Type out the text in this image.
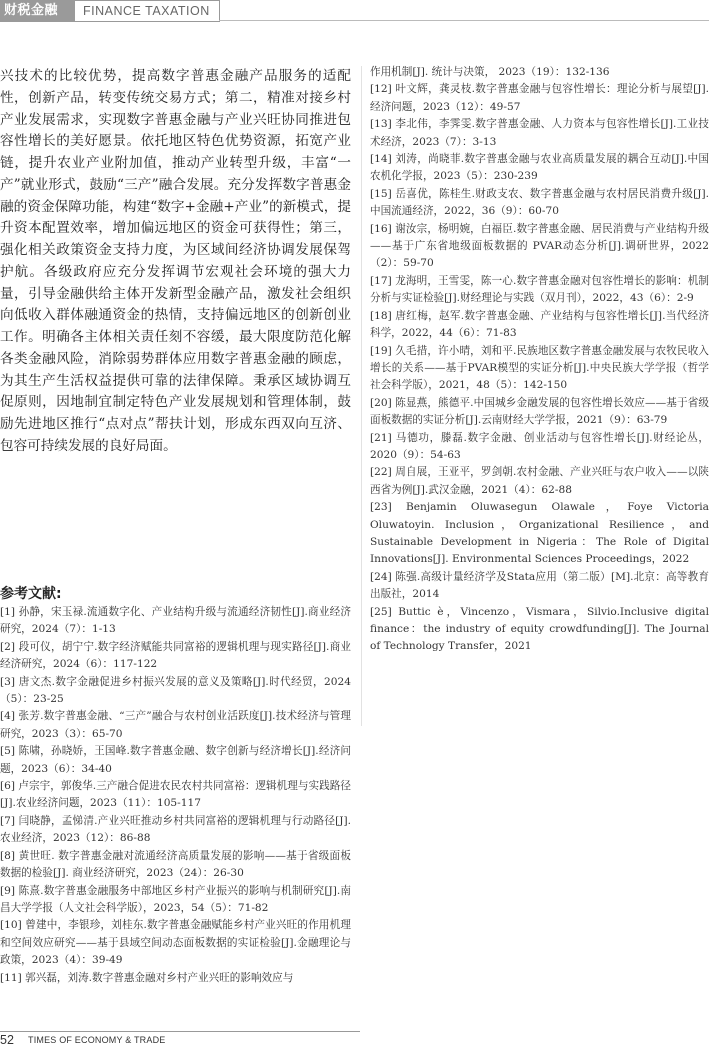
财税金融 FINANCE TAXATION

兴技术的比较优势，提高数字普惠金融产品服务的适配性，创新产品，转变传统交易方式；第二，精准对接乡村产业发展需求，实现数字普惠金融与产业兴旺协同推进包容性增长的美好愿景。依托地区特色优势资源，拓宽产业链，提升农业产业附加值，推动产业转型升级，丰富“一产”就业形式，鼓励“三产”融合发展。充分发挥数字普惠金融的资金保障功能，构建“数字+金融+产业”的新模式，提升资本配置效率，增加偏远地区的资金可获得性；第三，强化相关政策资金支持力度，为区域间经济协调发展保驾护航。各级政府应充分发挥调节宏观社会环境的强大力量，引导金融供给主体开发新型金融产品，激发社会组织向低收入群体融通资金的热情，支持偏远地区的创新创业工作。明确各主体相关责任刻不容缓，最大限度防范化解各类金融风险，消除弱势群体应用数字普惠金融的顾虑，为其生产生活权益提供可靠的法律保障。秉承区域协调互促原则，因地制宜制定特色产业发展规划和管理体制，鼓励先进地区推行“点对点”帮扶计划，形成东西双向互济、包容可持续发展的良好局面。

参考文献:
[1] 孙静，宋玉禄.流通数字化、产业结构升级与流通经济韧性[J].商业经济研究，2024（7）：1-13
[2] 段可仪，胡宁宁.数字经济赋能共同富裕的逻辑机理与现实路径[J].商业经济研究，2024（6）：117-122
[3] 唐文杰.数字金融促进乡村振兴发展的意义及策略[J].时代经贸，2024（5）：23-25
[4] 张芳.数字普惠金融、“三产”融合与农村创业活跃度[J].技术经济与管理研究，2023（3）：65-70
[5] 陈啸，孙晓娇，王国峰.数字普惠金融、数字创新与经济增长[J].经济问题，2023（6）：34-40
[6] 卢宗宇，郭俊华.三产融合促进农民农村共同富裕：逻辑机理与实践路径[J].农业经济问题，2023（11）：105-117
[7] 闫晓静，孟悌清.产业兴旺推动乡村共同富裕的逻辑机理与行动路径[J].农业经济，2023（12）：86-88
[8] 黄世旺. 数字普惠金融对流通经济高质量发展的影响——基于省级面板数据的检验[J]. 商业经济研究，2023（24）：26-30
[9] 陈熹.数字普惠金融服务中部地区乡村产业振兴的影响与机制研究[J].南昌大学学报（人文社会科学版），2023，54（5）：71-82
[10] 曾建中，李银珍，刘桂东.数字普惠金融赋能乡村产业兴旺的作用机理和空间效应研究——基于县域空间动态面板数据的实证检验[J].金融理论与政策，2023（4）：39-49
[11] 郭兴磊，刘涛.数字普惠金融对乡村产业兴旺的影响效应与
作用机制[J]. 统计与决策， 2023（19）：132-136
[12] 叶文辉，龚灵枝.数字普惠金融与包容性增长：理论分析与展望[J].经济问题，2023（12）：49-57
[13] 李北伟，李霁雯.数字普惠金融、人力资本与包容性增长[J].工业技术经济，2023（7）：3-13
[14] 刘涛，尚晓菲.数字普惠金融与农业高质量发展的耦合互动[J].中国农机化学报，2023（5）：230-239
[15] 岳喜优，陈桂生.财政支农、数字普惠金融与农村居民消费升级[J].中国流通经济，2022，36（9）：60-70
[16] 谢汝宗，杨明婉，白福臣.数字普惠金融、居民消费与产业结构升级——基于广东省地级面板数据的 PVAR动态分析[J].调研世界，2022（2）：59-70
[17] 龙海明，王雪雯，陈一心.数字普惠金融对包容性增长的影响：机制分析与实证检验[J].财经理论与实践（双月刊），2022，43（6）：2-9
[18] 唐红梅，赵军.数字普惠金融、产业结构与包容性增长[J].当代经济科学，2022，44（6）：71-83
[19] 久毛措，许小晴，刘和平.民族地区数字普惠金融发展与农牧民收入增长的关系——基于PVAR模型的实证分析[J].中央民族大学学报（哲学社会科学版），2021，48（5）：142-150
[20] 陈显燕，熊德平.中国城乡金融发展的包容性增长效应——基于省级面板数据的实证分析[J].云南财经大学学报，2021（9）：63-79
[21] 马德功，滕磊.数字金融、创业活动与包容性增长[J].财经论丛，2020（9）：54-63
[22] 周自展，王亚平，罗剑朝.农村金融、产业兴旺与农户收入——以陕西省为例[J].武汉金融，2021（4）：62-88
[23] Benjamin Oluwasegun Olawale，Foye Victoria Oluwatoyin. Inclusion，Organizational Resilience，and Sustainable Development in Nigeria：The Role of Digital Innovations[J]. Environmental Sciences Proceedings，2022
[24] 陈强.高级计量经济学及Stata应用（第二版）[M].北京：高等教育出版社，2014
[25] Buttic è，Vincenzo，Vismara，Silvio.Inclusive digital finance：the industry of equity crowdfunding[J]. The Journal of Technology Transfer，2021
52 TIMES OF ECONOMY & TRADE
